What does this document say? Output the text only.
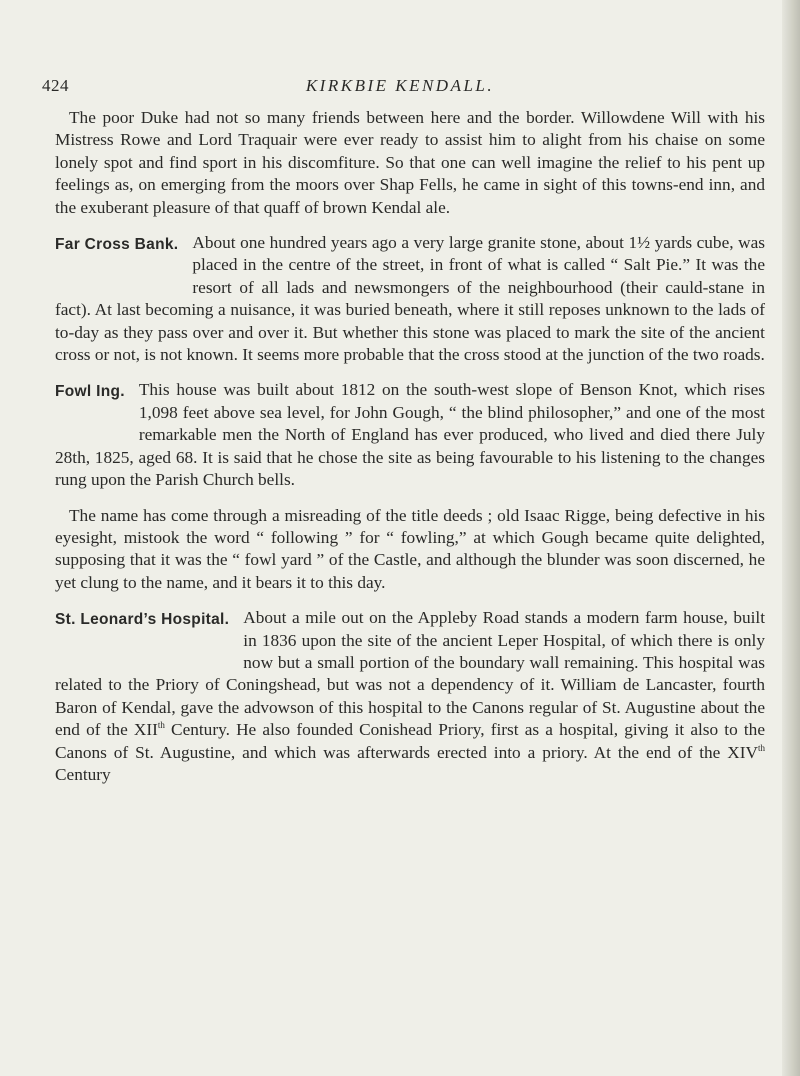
424	KIRKBIE KENDALL.

The poor Duke had not so many friends between here and the border. Willowdene Will with his Mistress Rowe and Lord Traquair were ever ready to assist him to alight from his chaise on some lonely spot and find sport in his discomfiture. So that one can well imagine the relief to his pent up feelings as, on emerging from the moors over Shap Fells, he came in sight of this towns-end inn, and the exuberant pleasure of that quaff of brown Kendal ale.

Far Cross Bank. About one hundred years ago a very large granite stone, about 1½ yards cube, was placed in the centre of the street, in front of what is called “ Salt Pie.” It was the resort of all lads and newsmongers of the neighbourhood (their cauld-stane in fact). At last becoming a nuisance, it was buried beneath, where it still reposes unknown to the lads of to-day as they pass over and over it. But whether this stone was placed to mark the site of the ancient cross or not, is not known. It seems more probable that the cross stood at the junction of the two roads.

Fowl Ing. This house was built about 1812 on the south-west slope of Benson Knot, which rises 1,098 feet above sea level, for John Gough, “ the blind philosopher,” and one of the most remarkable men the North of England has ever produced, who lived and died there July 28th, 1825, aged 68. It is said that he chose the site as being favourable to his listening to the changes rung upon the Parish Church bells.

The name has come through a misreading of the title deeds ; old Isaac Rigge, being defective in his eyesight, mistook the word “ following ” for “ fowling,” at which Gough became quite delighted, supposing that it was the “ fowl yard ” of the Castle, and although the blunder was soon discerned, he yet clung to the name, and it bears it to this day.

St. Leonard’s Hospital. About a mile out on the Appleby Road stands a modern farm house, built in 1836 upon the site of the ancient Leper Hospital, of which there is only now but a small portion of the boundary wall remaining. This hospital was related to the Priory of Coningshead, but was not a dependency of it. William de Lancaster, fourth Baron of Kendal, gave the advowson of this hospital to the Canons regular of St. Augustine about the end of the XIIth Century. He also founded Conishead Priory, first as a hospital, giving it also to the Canons of St. Augustine, and which was afterwards erected into a priory. At the end of the XIVth Century
